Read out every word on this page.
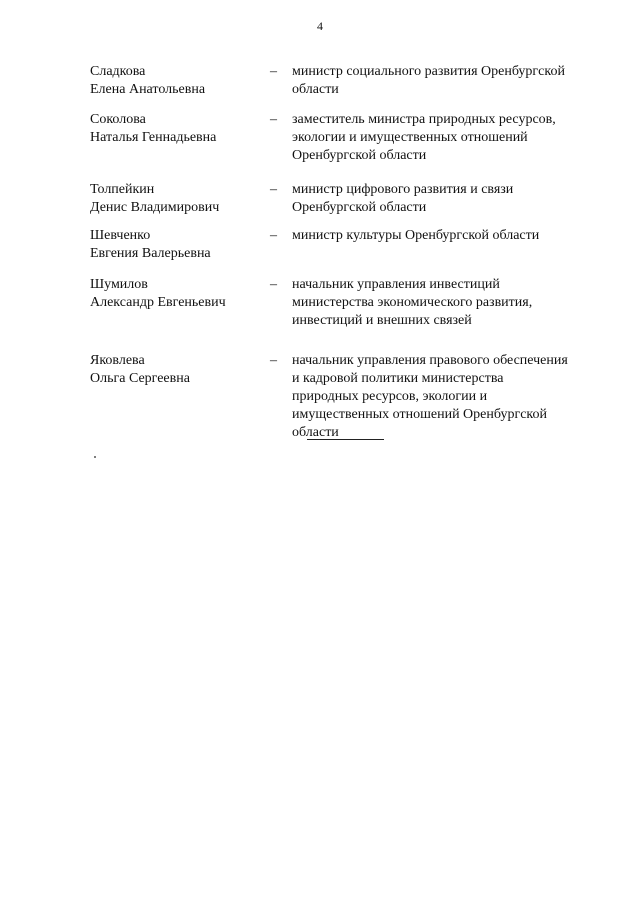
4
Сладкова
Елена Анатольевна
–	министр социального развития Оренбургской
области
Соколова
Наталья Геннадьевна
–	заместитель министра природных ресурсов,
экологии и имущественных отношений
Оренбургской области
Толпейкин
Денис Владимирович
–	министр цифрового развития и связи
Оренбургской области
Шевченко
Евгения Валерьевна
–	министр культуры Оренбургской области
Шумилов
Александр Евгеньевич
–	начальник управления инвестиций
министерства экономического развития,
инвестиций и внешних связей
Яковлева
Ольга Сергеевна
–	начальник управления правового обеспечения
и кадровой политики министерства
природных ресурсов, экологии и
имущественных отношений Оренбургской
области
